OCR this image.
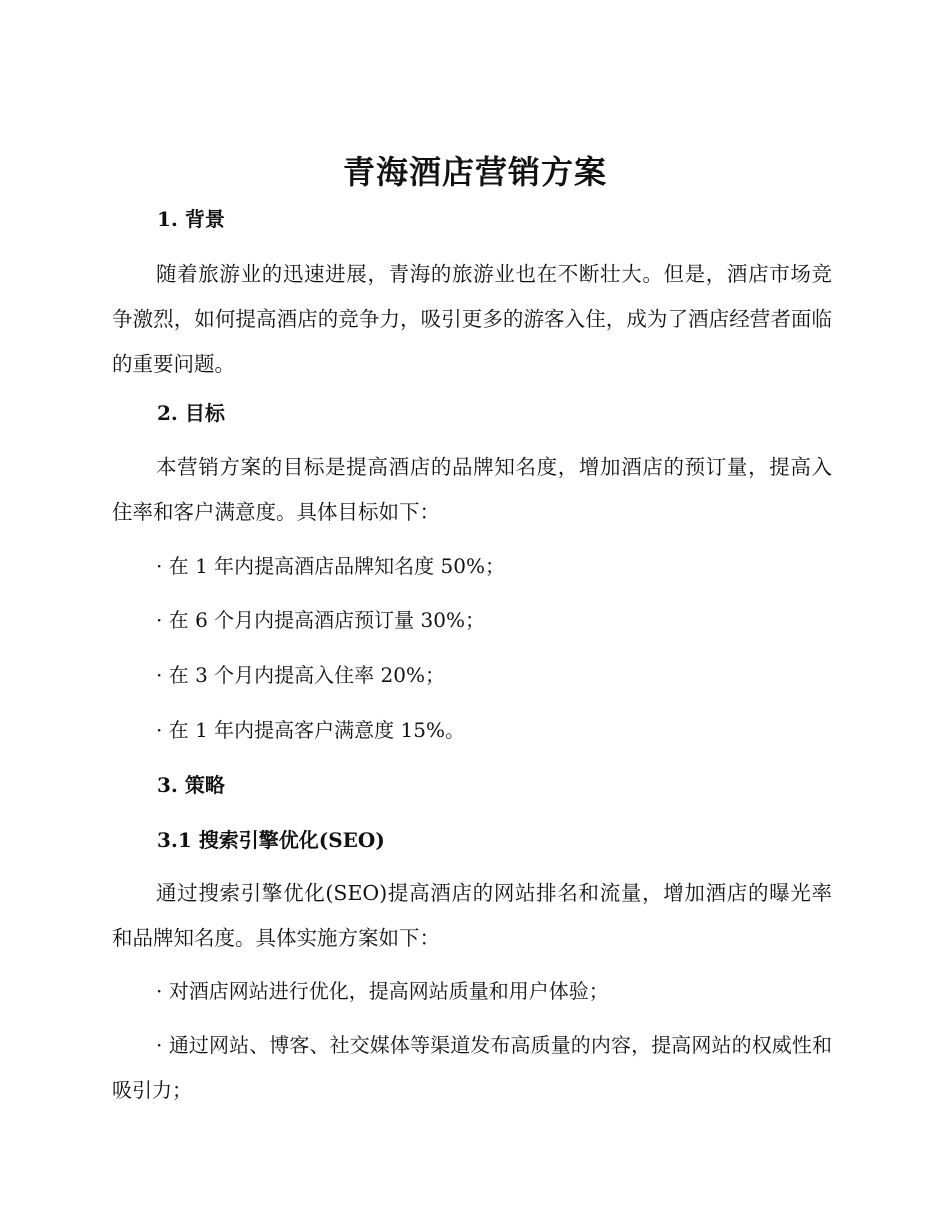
青海酒店营销方案
1. 背景

随着旅游业的迅速进展，青海的旅游业也在不断壮大。但是，酒店市场竞争激烈，如何提高酒店的竞争力，吸引更多的游客入住，成为了酒店经营者面临的重要问题。

2. 目标

本营销方案的目标是提高酒店的品牌知名度，增加酒店的预订量，提高入住率和客户满意度。具体目标如下：

· 在 1 年内提高酒店品牌知名度 50%；

· 在 6 个月内提高酒店预订量 30%；

· 在 3 个月内提高入住率 20%；

· 在 1 年内提高客户满意度 15%。

3. 策略
3.1 搜索引擎优化(SEO)

通过搜索引擎优化(SEO)提高酒店的网站排名和流量，增加酒店的曝光率和品牌知名度。具体实施方案如下：

· 对酒店网站进行优化，提高网站质量和用户体验；

· 通过网站、博客、社交媒体等渠道发布高质量的内容，提高网站的权威性和吸引力；
